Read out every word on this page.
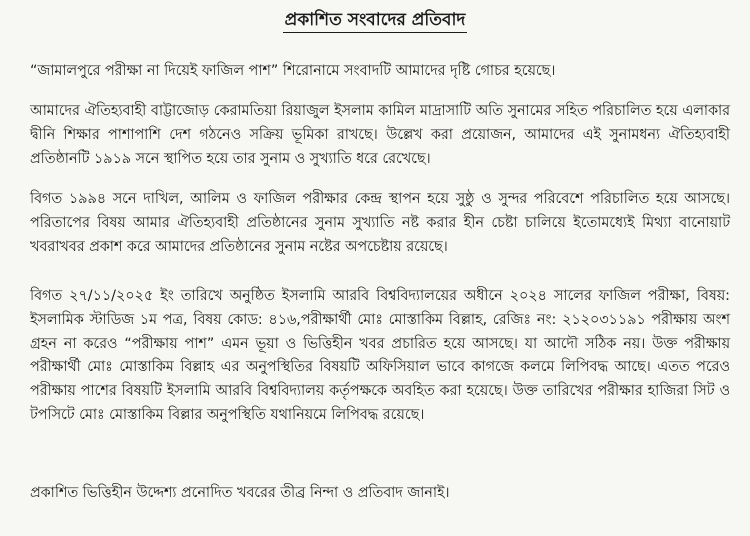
প্রকাশিত সংবাদের প্রতিবাদ

“জামালপুরে পরীক্ষা না দিয়েই ফাজিল পাশ” শিরোনামে সংবাদটি আমাদের দৃষ্টি গোচর হয়েছে।

আমাদের ঐতিহ্যবাহী বাট্টাজোড় কেরামতিয়া রিয়াজুল ইসলাম কামিল মাদ্রাসাটি অতি সুনামের সহিত পরিচালিত হয়ে এলাকার দ্বীনি শিক্ষার পাশাপাশি দেশ গঠনেও সক্রিয় ভূমিকা রাখছে। উল্লেখ করা প্রয়োজন, আমাদের এই সুনামধন্য ঐতিহ্যবাহী প্রতিষ্ঠানটি ১৯১৯ সনে স্থাপিত হয়ে তার সুনাম ও সুখ্যাতি ধরে রেখেছে।

বিগত ১৯৯৪ সনে দাখিল, আলিম ও ফাজিল পরীক্ষার কেন্দ্র স্থাপন হয়ে সুষ্ঠু ও সুন্দর পরিবেশে পরিচালিত হয়ে আসছে। পরিতাপের বিষয় আমার ঐতিহ্যবাহী প্রতিষ্ঠানের সুনাম সুখ্যাতি নষ্ট করার হীন চেষ্টা চালিয়ে ইতোমধ্যেই মিথ্যা বানোয়াট খবরাখবর প্রকাশ করে আমাদের প্রতিষ্ঠানের সুনাম নষ্টের অপচেষ্টায় রয়েছে।

বিগত ২৭/১১/২০২৫ ইং তারিখে অনুষ্ঠিত ইসলামি আরবি বিশ্ববিদ্যালয়ের অধীনে ২০২৪ সালের ফাজিল পরীক্ষা, বিষয়: ইসলামিক স্টাডিজ ১ম পত্র, বিষয় কোড: ৪১৬,পরীক্ষার্থী মোঃ মোস্তাকিম বিল্লাহ, রেজিঃ নং: ২১২০৩১১৯১ পরীক্ষায় অংশ গ্রহন না করেও “পরীক্ষায় পাশ” এমন ভূয়া ও ভিত্তিহীন খবর প্রচারিত হয়ে আসছে। যা আদৌ সঠিক নয়। উক্ত পরীক্ষায় পরীক্ষার্থী মোঃ মোস্তাকিম বিল্লাহ এর অনুপস্থিতির বিষয়টি অফিসিয়াল ভাবে কাগজে কলমে লিপিবদ্ধ আছে। এতত পরেও পরীক্ষায় পাশের বিষয়টি ইসলামি আরবি বিশ্ববিদ্যালয় কর্তৃপক্ষকে অবহিত করা হয়েছে। উক্ত তারিখের পরীক্ষার হাজিরা সিট ও টপসিটে মোঃ মোস্তাকিম বিল্লার অনুপস্থিতি যথানিয়মে লিপিবদ্ধ রয়েছে।

প্রকাশিত ভিত্তিহীন উদ্দেশ্য প্রনোদিত খবরের তীব্র নিন্দা ও প্রতিবাদ জানাই।
